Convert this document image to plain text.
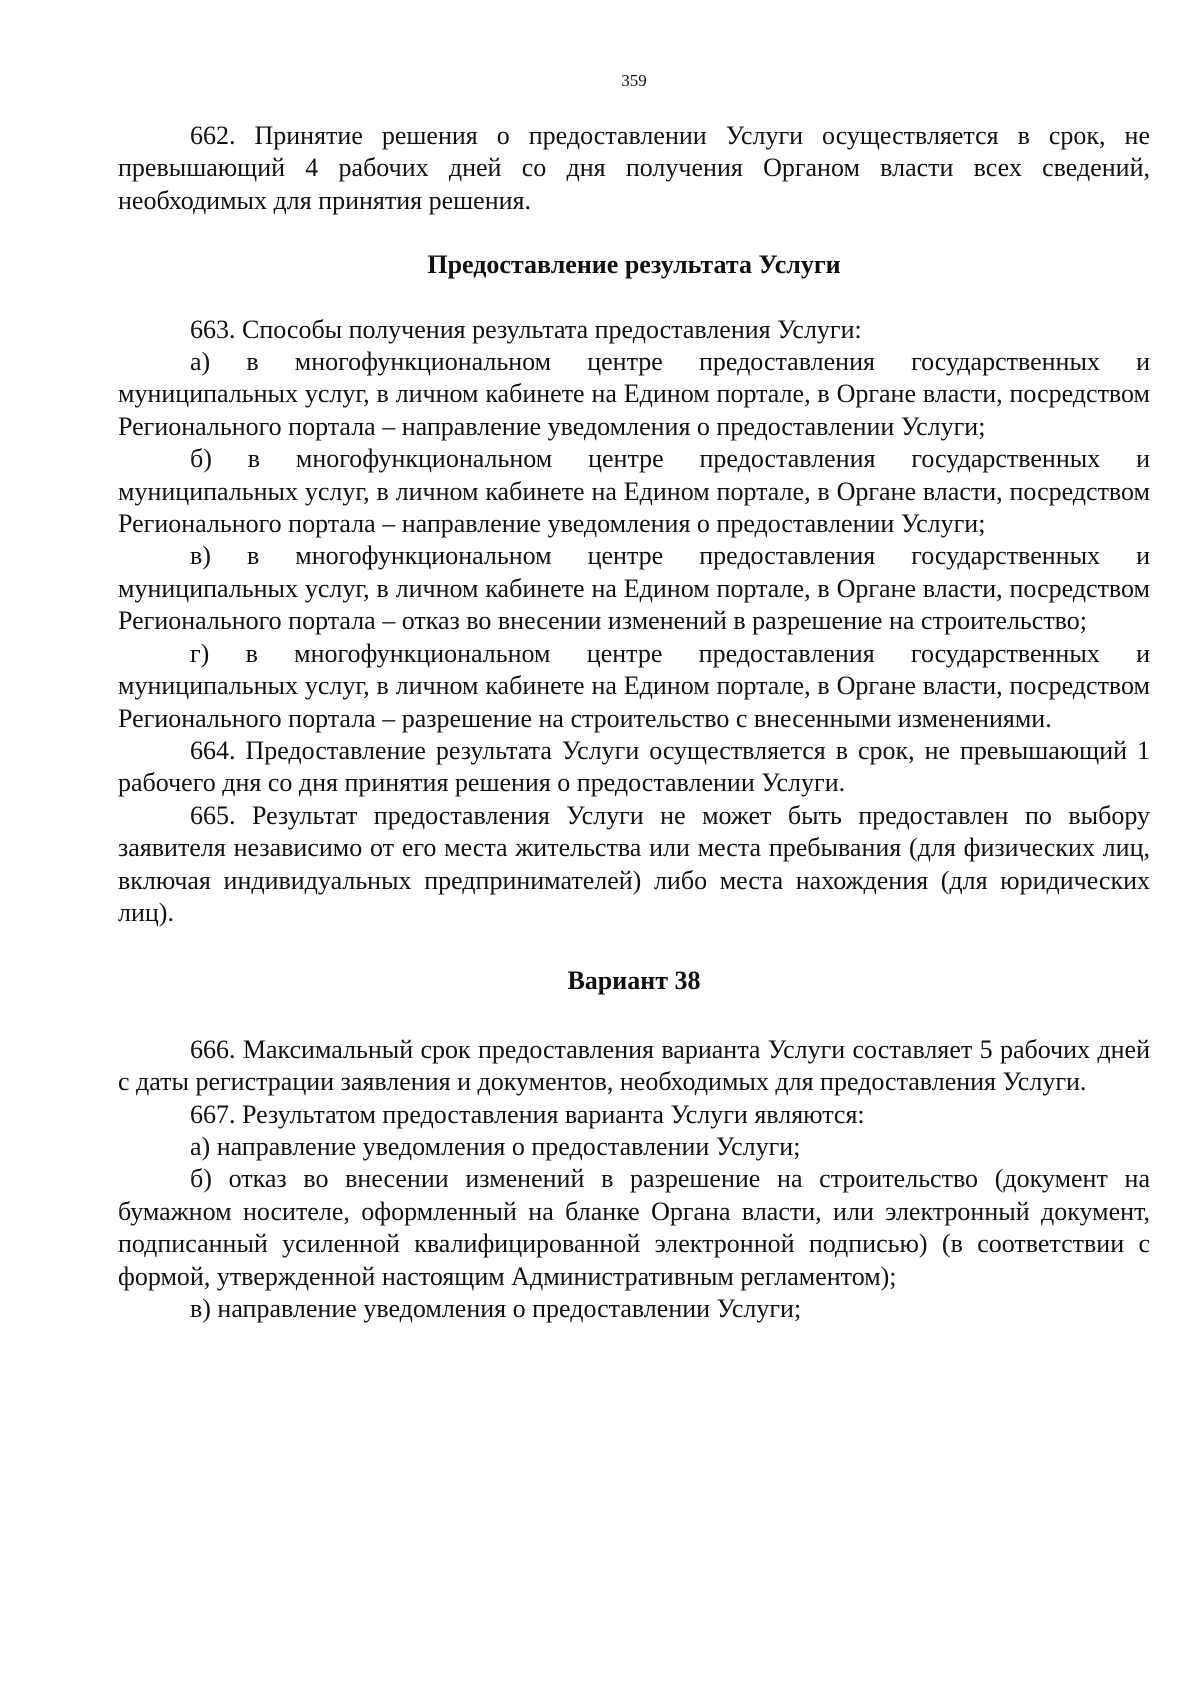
359

662. Принятие решения о предоставлении Услуги осуществляется в срок, не превышающий 4 рабочих дней со дня получения Органом власти всех сведений, необходимых для принятия решения.

Предоставление результата Услуги

663. Способы получения результата предоставления Услуги:

а) в многофункциональном центре предоставления государственных и муниципальных услуг, в личном кабинете на Едином портале, в Органе власти, посредством Регионального портала – направление уведомления о предоставлении Услуги;

б) в многофункциональном центре предоставления государственных и муниципальных услуг, в личном кабинете на Едином портале, в Органе власти, посредством Регионального портала – направление уведомления о предоставлении Услуги;

в) в многофункциональном центре предоставления государственных и муниципальных услуг, в личном кабинете на Едином портале, в Органе власти, посредством Регионального портала – отказ во внесении изменений в разрешение на строительство;

г) в многофункциональном центре предоставления государственных и муниципальных услуг, в личном кабинете на Едином портале, в Органе власти, посредством Регионального портала – разрешение на строительство с внесенными изменениями.

664. Предоставление результата Услуги осуществляется в срок, не превышающий 1 рабочего дня со дня принятия решения о предоставлении Услуги.

665. Результат предоставления Услуги не может быть предоставлен по выбору заявителя независимо от его места жительства или места пребывания (для физических лиц, включая индивидуальных предпринимателей) либо места нахождения (для юридических лиц).

Вариант 38

666. Максимальный срок предоставления варианта Услуги составляет 5 рабочих дней с даты регистрации заявления и документов, необходимых для предоставления Услуги.

667. Результатом предоставления варианта Услуги являются:

а) направление уведомления о предоставлении Услуги;

б) отказ во внесении изменений в разрешение на строительство (документ на бумажном носителе, оформленный на бланке Органа власти, или электронный документ, подписанный усиленной квалифицированной электронной подписью) (в соответствии с формой, утвержденной настоящим Административным регламентом);

в) направление уведомления о предоставлении Услуги;
